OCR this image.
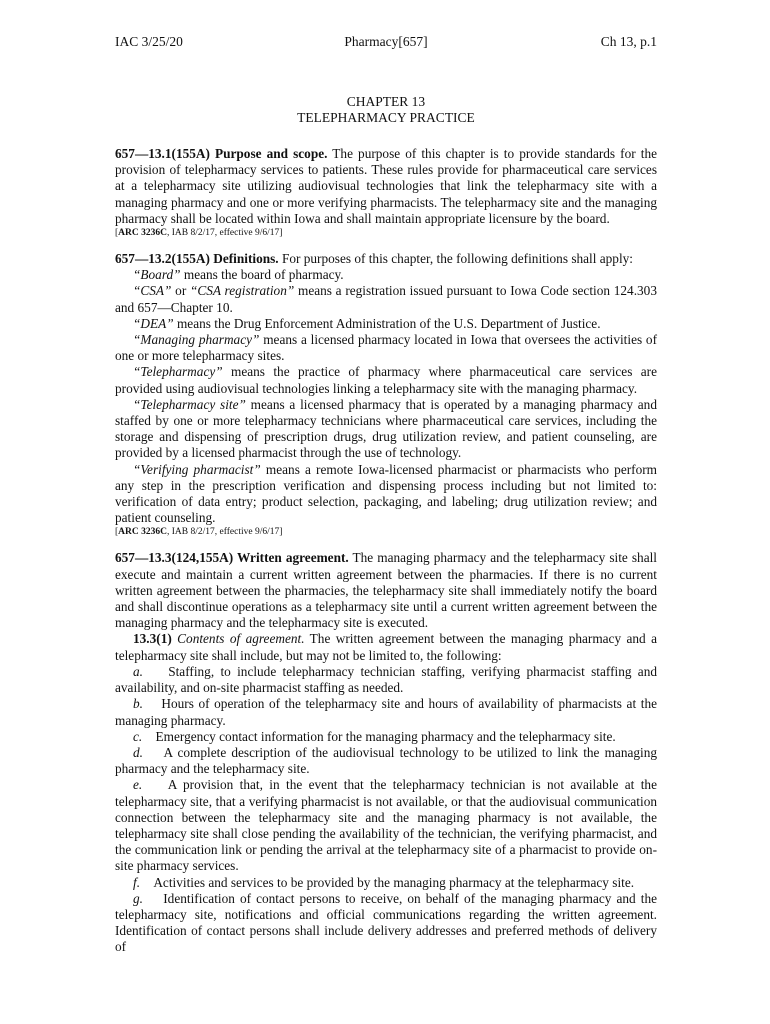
IAC 3/25/20	Pharmacy[657]	Ch 13, p.1
CHAPTER 13
TELEPHARMACY PRACTICE

657—13.1(155A) Purpose and scope. The purpose of this chapter is to provide standards for the provision of telepharmacy services to patients. These rules provide for pharmaceutical care services at a telepharmacy site utilizing audiovisual technologies that link the telepharmacy site with a managing pharmacy and one or more verifying pharmacists. The telepharmacy site and the managing pharmacy shall be located within Iowa and shall maintain appropriate licensure by the board.

[ARC 3236C, IAB 8/2/17, effective 9/6/17]

657—13.2(155A) Definitions. For purposes of this chapter, the following definitions shall apply:

“Board” means the board of pharmacy.

“CSA” or “CSA registration” means a registration issued pursuant to Iowa Code section 124.303 and 657—Chapter 10.

“DEA” means the Drug Enforcement Administration of the U.S. Department of Justice.

“Managing pharmacy” means a licensed pharmacy located in Iowa that oversees the activities of one or more telepharmacy sites.

“Telepharmacy” means the practice of pharmacy where pharmaceutical care services are provided using audiovisual technologies linking a telepharmacy site with the managing pharmacy.

“Telepharmacy site” means a licensed pharmacy that is operated by a managing pharmacy and staffed by one or more telepharmacy technicians where pharmaceutical care services, including the storage and dispensing of prescription drugs, drug utilization review, and patient counseling, are provided by a licensed pharmacist through the use of technology.

“Verifying pharmacist” means a remote Iowa-licensed pharmacist or pharmacists who perform any step in the prescription verification and dispensing process including but not limited to: verification of data entry; product selection, packaging, and labeling; drug utilization review; and patient counseling.

[ARC 3236C, IAB 8/2/17, effective 9/6/17]

657—13.3(124,155A) Written agreement. The managing pharmacy and the telepharmacy site shall execute and maintain a current written agreement between the pharmacies. If there is no current written agreement between the pharmacies, the telepharmacy site shall immediately notify the board and shall discontinue operations as a telepharmacy site until a current written agreement between the managing pharmacy and the telepharmacy site is executed.

13.3(1) Contents of agreement. The written agreement between the managing pharmacy and a telepharmacy site shall include, but may not be limited to, the following:

a. Staffing, to include telepharmacy technician staffing, verifying pharmacist staffing and availability, and on-site pharmacist staffing as needed.

b. Hours of operation of the telepharmacy site and hours of availability of pharmacists at the managing pharmacy.

c. Emergency contact information for the managing pharmacy and the telepharmacy site.

d. A complete description of the audiovisual technology to be utilized to link the managing pharmacy and the telepharmacy site.

e. A provision that, in the event that the telepharmacy technician is not available at the telepharmacy site, that a verifying pharmacist is not available, or that the audiovisual communication connection between the telepharmacy site and the managing pharmacy is not available, the telepharmacy site shall close pending the availability of the technician, the verifying pharmacist, and the communication link or pending the arrival at the telepharmacy site of a pharmacist to provide on-site pharmacy services.

f. Activities and services to be provided by the managing pharmacy at the telepharmacy site.

g. Identification of contact persons to receive, on behalf of the managing pharmacy and the telepharmacy site, notifications and official communications regarding the written agreement. Identification of contact persons shall include delivery addresses and preferred methods of delivery of
